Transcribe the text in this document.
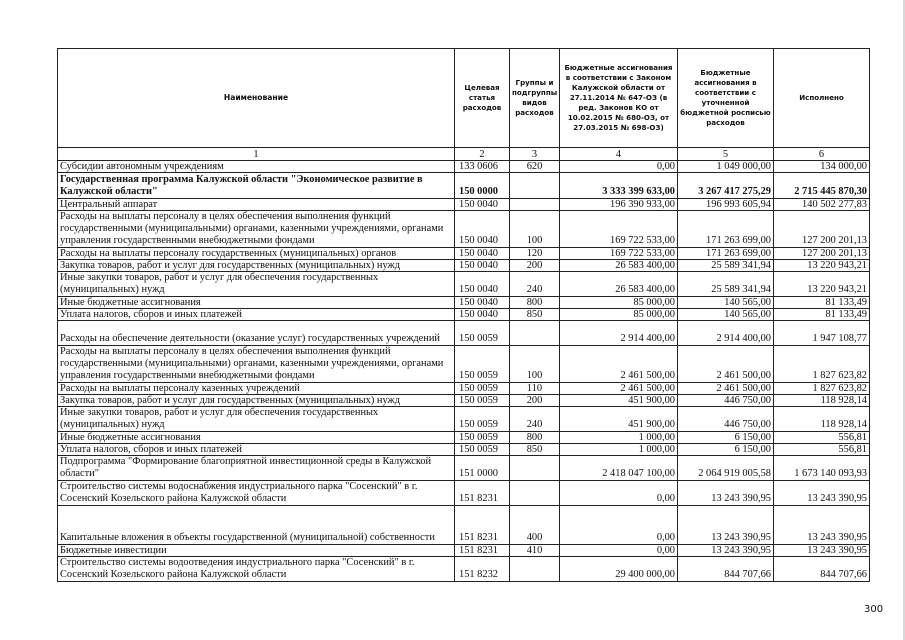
Наименование	Целевая статья расходов	Группы и подгруппы видов расходов	Бюджетные ассигнования в соответствии с Законом Калужской области от 27.11.2014 № 647-ОЗ (в ред. Законов КО от 10.02.2015 № 680-ОЗ, от 27.03.2015 № 698-ОЗ)	Бюджетные ассигнования в соответствии с уточненной бюджетной росписью расходов	Исполнено
1	2	3	4	5	6
Субсидии автономным учреждениям	133 0606	620	0,00	1 049 000,00	134 000,00
Государственная программа Калужской области "Экономическое развитие в Калужской области"	150 0000		3 333 399 633,00	3 267 417 275,29	2 715 445 870,30
Центральный аппарат	150 0040		196 390 933,00	196 993 605,94	140 502 277,83
Расходы на выплаты персоналу в целях обеспечения выполнения функций государственными (муниципальными) органами, казенными учреждениями, органами управления государственными внебюджетными фондами	150 0040	100	169 722 533,00	171 263 699,00	127 200 201,13
Расходы на выплаты персоналу государственных (муниципальных) органов	150 0040	120	169 722 533,00	171 263 699,00	127 200 201,13
Закупка товаров, работ и услуг для государственных (муниципальных) нужд	150 0040	200	26 583 400,00	25 589 341,94	13 220 943,21
Иные закупки товаров, работ и услуг для обеспечения государственных (муниципальных) нужд	150 0040	240	26 583 400,00	25 589 341,94	13 220 943,21
Иные бюджетные ассигнования	150 0040	800	85 000,00	140 565,00	81 133,49
Уплата налогов, сборов и иных платежей	150 0040	850	85 000,00	140 565,00	81 133,49
Расходы на обеспечение деятельности (оказание услуг) государственных учреждений	150 0059		2 914 400,00	2 914 400,00	1 947 108,77
Расходы на выплаты персоналу в целях обеспечения выполнения функций государственными (муниципальными) органами, казенными учреждениями, органами управления государственными внебюджетными фондами	150 0059	100	2 461 500,00	2 461 500,00	1 827 623,82
Расходы на выплаты персоналу казенных учреждений	150 0059	110	2 461 500,00	2 461 500,00	1 827 623,82
Закупка товаров, работ и услуг для государственных (муниципальных) нужд	150 0059	200	451 900,00	446 750,00	118 928,14
Иные закупки товаров, работ и услуг для обеспечения государственных (муниципальных) нужд	150 0059	240	451 900,00	446 750,00	118 928,14
Иные бюджетные ассигнования	150 0059	800	1 000,00	6 150,00	556,81
Уплата налогов, сборов и иных платежей	150 0059	850	1 000,00	6 150,00	556,81
Подпрограмма "Формирование благоприятной инвестиционной среды в Калужской области"	151 0000		2 418 047 100,00	2 064 919 005,58	1 673 140 093,93
Строительство системы водоснабжения индустриального парка "Сосенский" в г. Сосенский Козельского района Калужской области	151 8231		0,00	13 243 390,95	13 243 390,95
Капитальные вложения в объекты государственной (муниципальной) собственности	151 8231	400	0,00	13 243 390,95	13 243 390,95
Бюджетные инвестиции	151 8231	410	0,00	13 243 390,95	13 243 390,95
Строительство системы водоотведения индустриального парка "Сосенский" в г. Сосенский Козельского района Калужской области	151 8232		29 400 000,00	844 707,66	844 707,66
300
